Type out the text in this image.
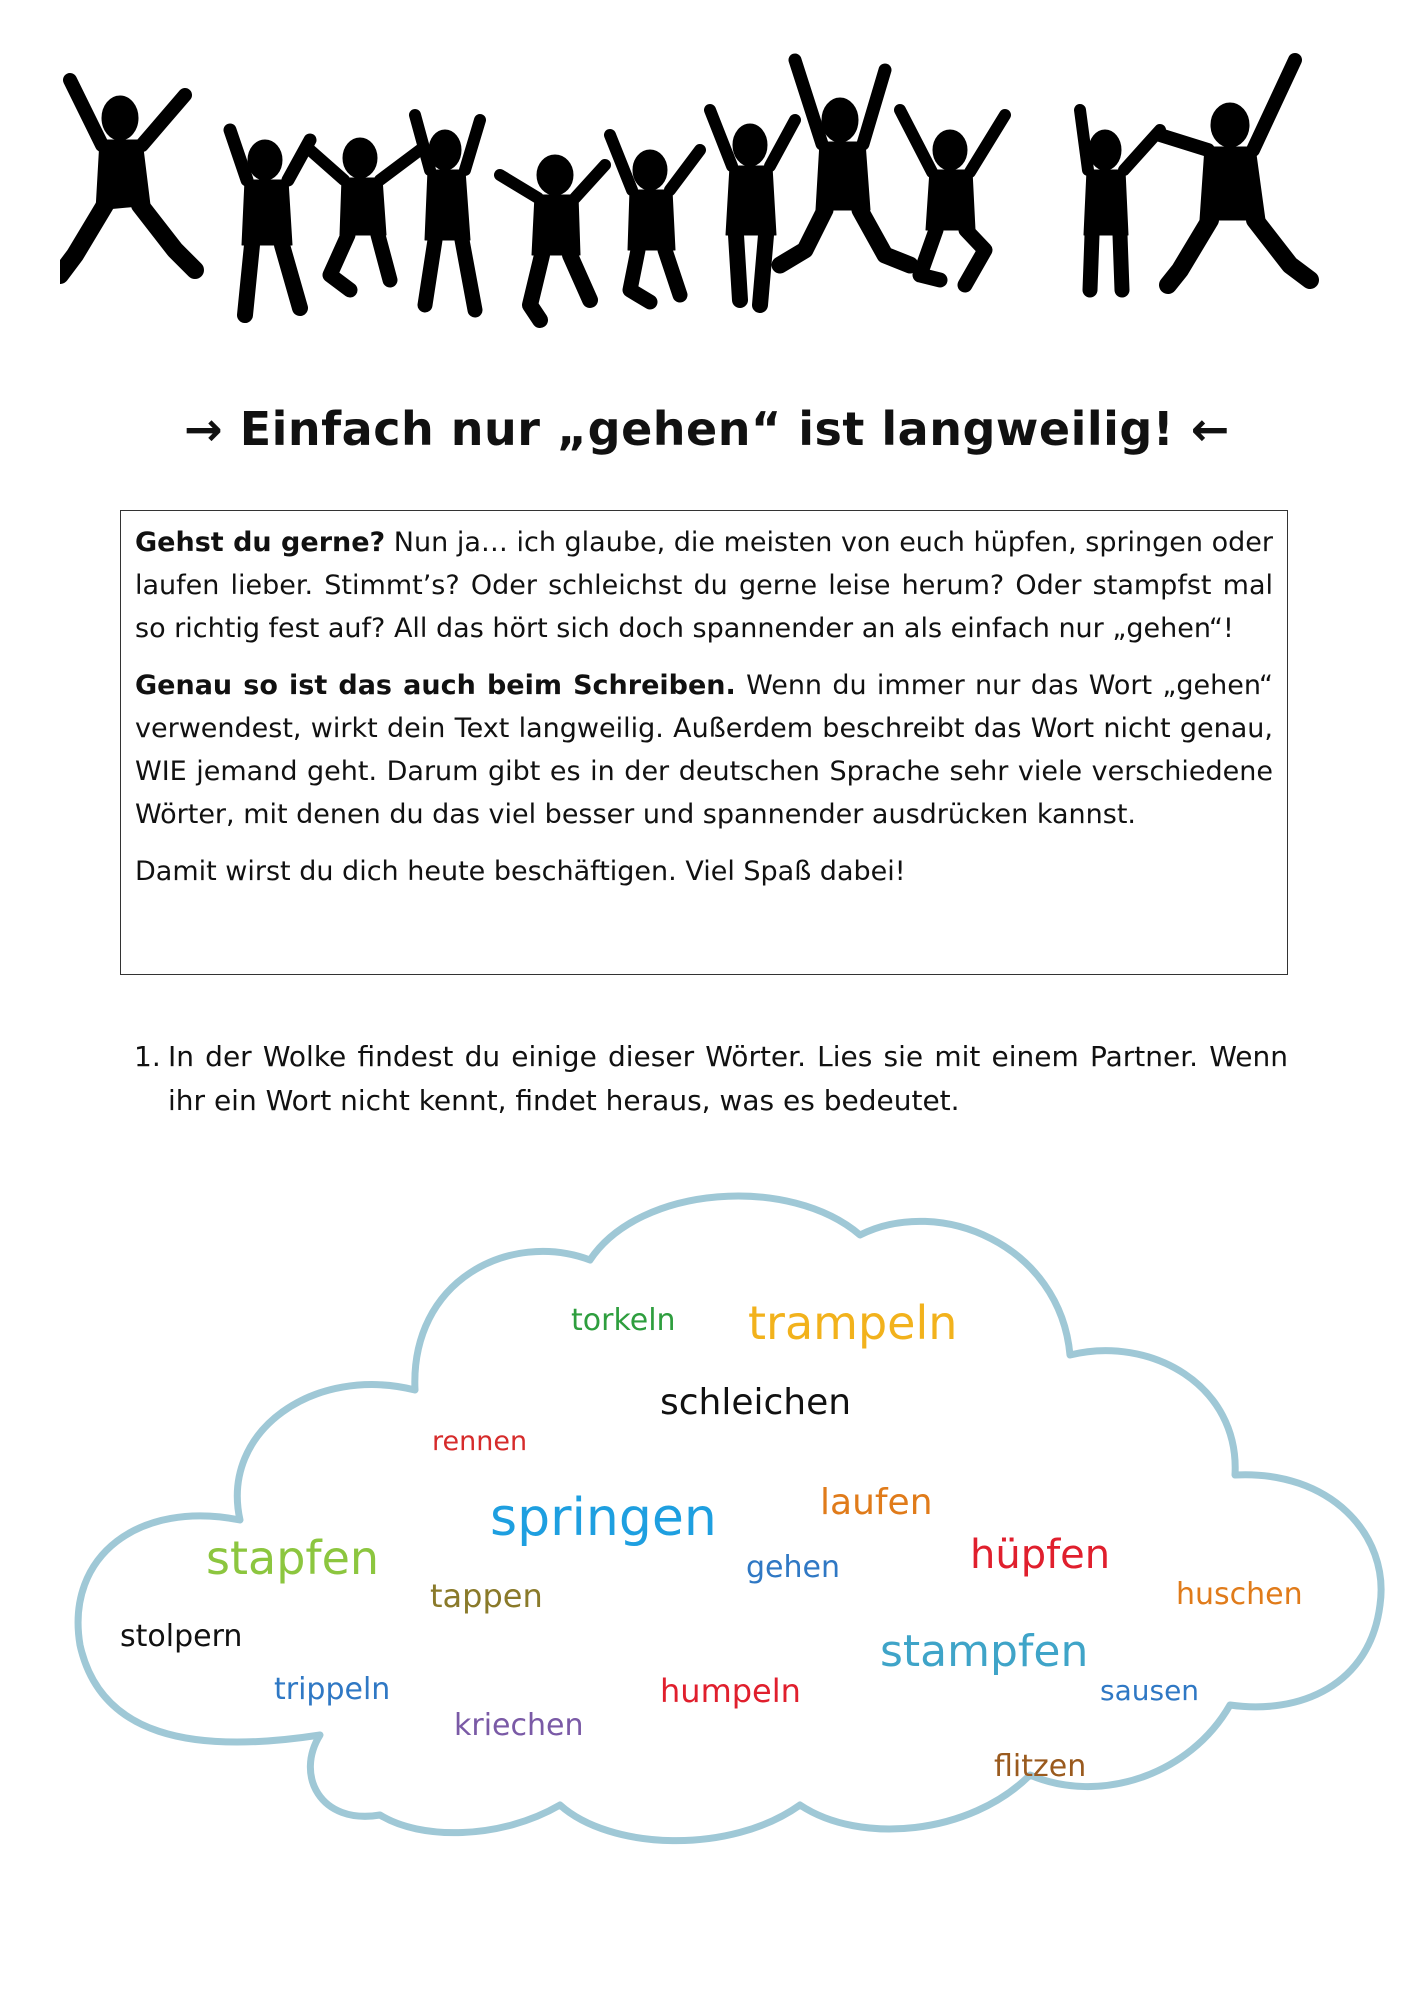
→ Einfach nur „gehen“ ist langweilig! ←

Gehst du gerne? Nun ja… ich glaube, die meisten von euch hüpfen, springen oder laufen lieber. Stimmt’s? Oder schleichst du gerne leise herum? Oder stampfst mal so richtig fest auf? All das hört sich doch spannender an als einfach nur „gehen“!

Genau so ist das auch beim Schreiben. Wenn du immer nur das Wort „gehen“ verwendest, wirkt dein Text langweilig. Außerdem beschreibt das Wort nicht genau, WIE jemand geht. Darum gibt es in der deutschen Sprache sehr viele verschiedene Wörter, mit denen du das viel besser und spannender ausdrücken kannst.

Damit wirst du dich heute beschäftigen. Viel Spaß dabei!

1. In der Wolke findest du einige dieser Wörter. Lies sie mit einem Partner. Wenn ihr ein Wort nicht kennt, findet heraus, was es bedeutet.
torkeln trampeln
schleichen
rennen
springen	laufen
stapfen	gehen	hüpfen
tappen	huschen
stolpern	stampfen
trippeln	humpeln	sausen
kriechen
flitzen
